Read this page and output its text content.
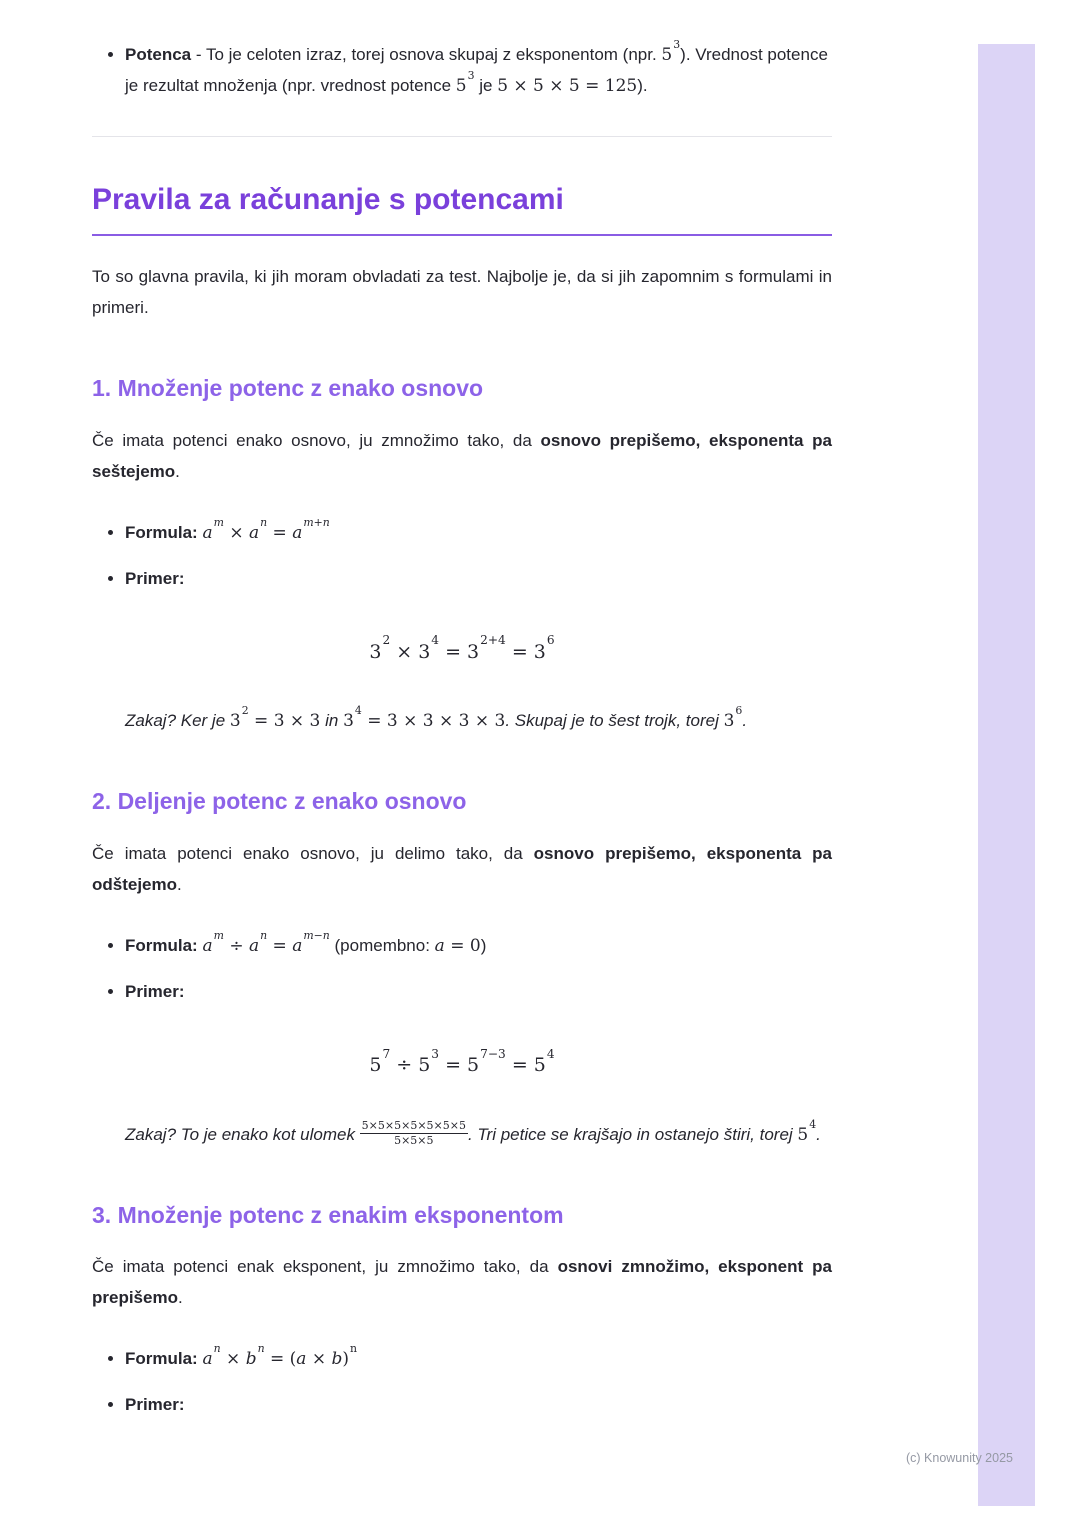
• Potenca - To je celoten izraz, torej osnova skupaj z eksponentom (npr. $5^3$). Vrednost potence je rezultat množenja (npr. vrednost potence $5^3$ je 5 × 5 × 5 = 125).
Pravila za računanje s potencami

To so glavna pravila, ki jih moram obvladati za test. Najbolje je, da si jih zapomnim s formulami in primeri.

1. Množenje potenc z enako osnovo

Če imata potenci enako osnovo, ju zmnožimo tako, da osnovo prepišemo, eksponenta pa seštejemo.

• Formula: $a^m \times a^n = a^{m+n}$
• Primer:
$3^2 \times 3^4 = 3^{2+4} = 3^6$

Zakaj? Ker je $3^2 = 3 \times 3$ in $3^4 = 3 \times 3 \times 3 \times 3$. Skupaj je to šest trojk, torej $3^6$.

2. Deljenje potenc z enako osnovo

Če imata potenci enako osnovo, ju delimo tako, da osnovo prepišemo, eksponenta pa odštejemo.

• Formula: $a^m \div a^n = a^{m-n}$ (pomembno: a = 0)
• Primer:
$5^7 \div 5^3 = 5^{7-3} = 5^4$

Zakaj? To je enako kot ulomek $\frac{5\times 5\times 5\times 5\times 5\times 5\times 5}{5\times 5\times 5}$ . Tri petice se krajšajo in ostanejo štiri, torej $5^4$.

3. Množenje potenc z enakim eksponentom

Če imata potenci enak eksponent, ju zmnožimo tako, da osnovi zmnožimo, eksponent pa prepišemo.

• Formula: $a^n \times b^n = (a \times b)^n$
• Primer:
(c) Knowunity 2025
